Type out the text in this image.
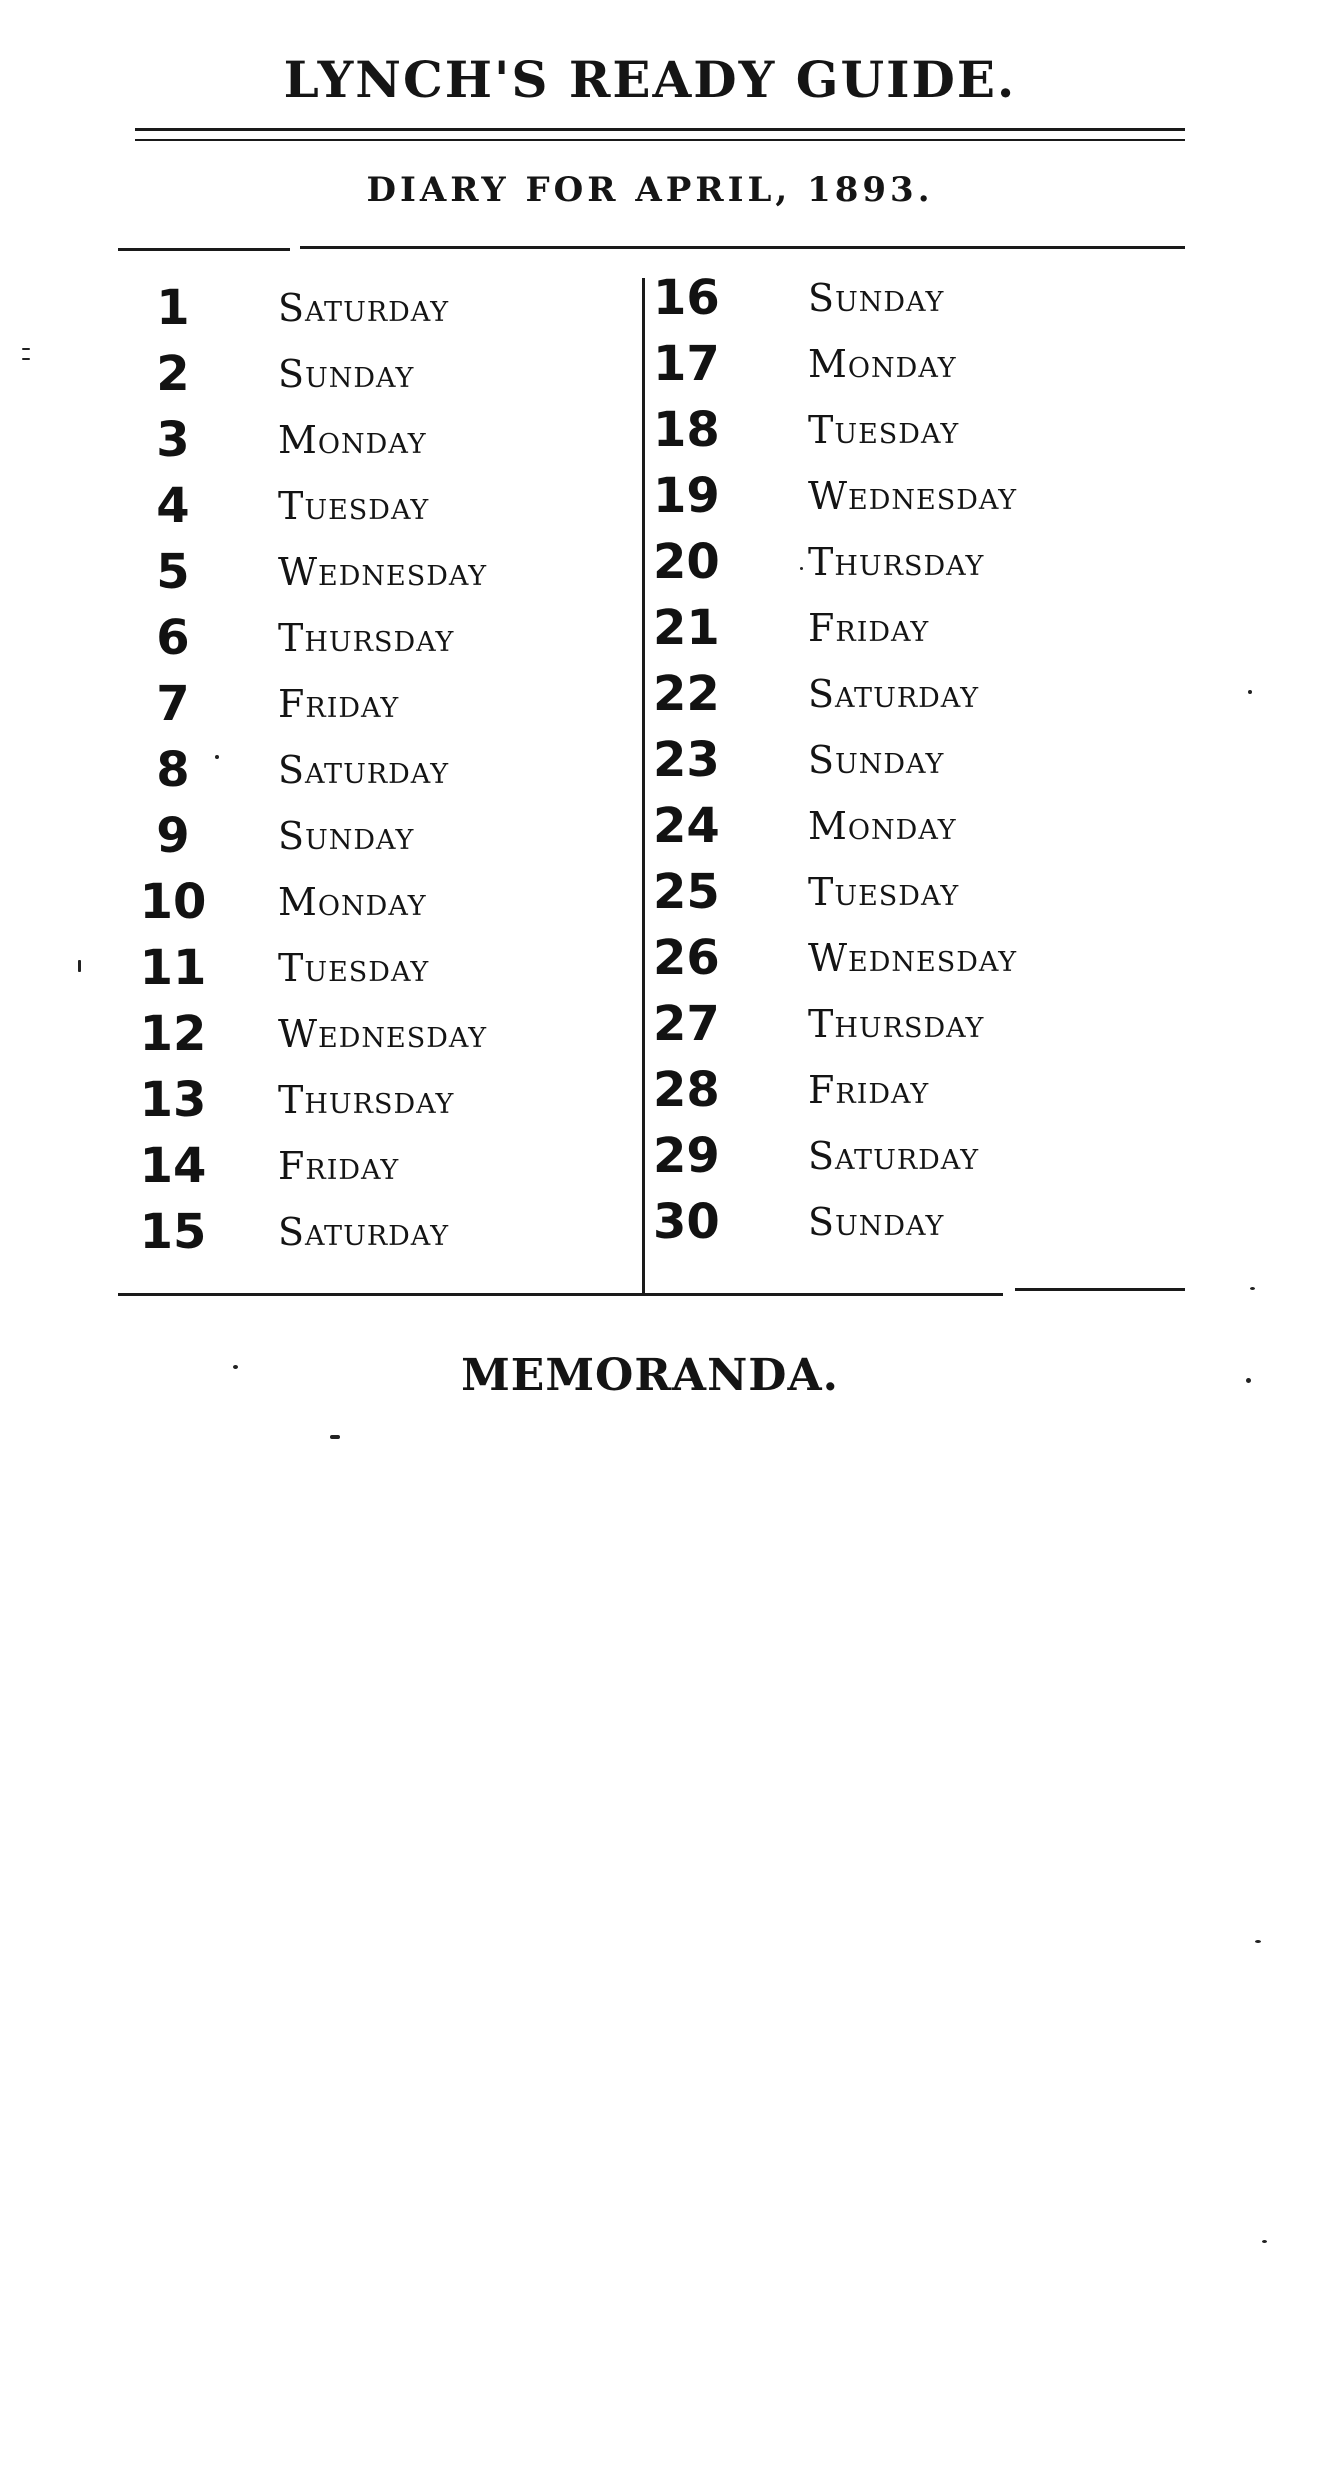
LYNCH'S READY GUIDE.
DIARY FOR APRIL, 1893.
1	Saturday
2	Sunday
3	Monday
4	Tuesday
5	Wednesday
6	Thursday
7	Friday
8	Saturday
9	Sunday
10	Monday
11	Tuesday
12	Wednesday
13	Thursday
14	Friday
15	Saturday
16	Sunday
17	Monday
18	Tuesday
19	Wednesday
20	Thursday
21	Friday
22	Saturday
23	Sunday
24	Monday
25	Tuesday
26	Wednesday
27	Thursday
28	Friday
29	Saturday
30	Sunday
MEMORANDA.
